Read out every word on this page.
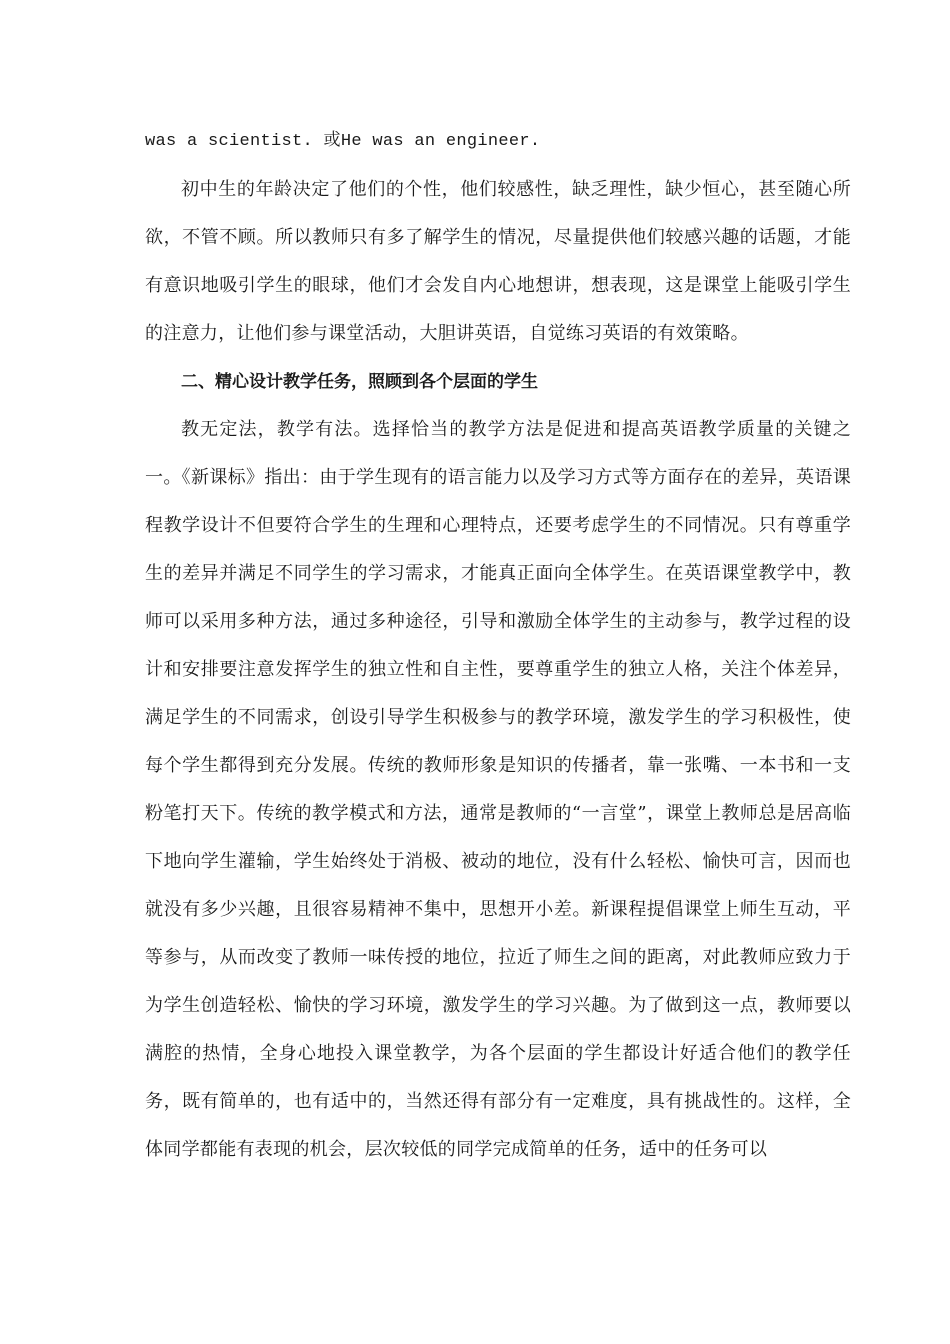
was a scientist. 或He was an engineer.

初中生的年龄决定了他们的个性，他们较感性，缺乏理性，缺少恒心，甚至随心所欲，不管不顾。所以教师只有多了解学生的情况，尽量提供他们较感兴趣的话题，才能有意识地吸引学生的眼球，他们才会发自内心地想讲，想表现，这是课堂上能吸引学生的注意力，让他们参与课堂活动，大胆讲英语，自觉练习英语的有效策略。

二、精心设计教学任务，照顾到各个层面的学生

教无定法，教学有法。选择恰当的教学方法是促进和提高英语教学质量的关键之一。《新课标》指出：由于学生现有的语言能力以及学习方式等方面存在的差异，英语课程教学设计不但要符合学生的生理和心理特点，还要考虑学生的不同情况。只有尊重学生的差异并满足不同学生的学习需求，才能真正面向全体学生。在英语课堂教学中，教师可以采用多种方法，通过多种途径，引导和激励全体学生的主动参与，教学过程的设计和安排要注意发挥学生的独立性和自主性，要尊重学生的独立人格，关注个体差异，满足学生的不同需求，创设引导学生积极参与的教学环境，激发学生的学习积极性，使每个学生都得到充分发展。传统的教师形象是知识的传播者，靠一张嘴、一本书和一支粉笔打天下。传统的教学模式和方法，通常是教师的“一言堂”，课堂上教师总是居高临下地向学生灌输，学生始终处于消极、被动的地位，没有什么轻松、愉快可言，因而也就没有多少兴趣，且很容易精神不集中，思想开小差。新课程提倡课堂上师生互动，平等参与，从而改变了教师一味传授的地位，拉近了师生之间的距离，对此教师应致力于为学生创造轻松、愉快的学习环境，激发学生的学习兴趣。为了做到这一点，教师要以满腔的热情，全身心地投入课堂教学，为各个层面的学生都设计好适合他们的教学任务，既有简单的，也有适中的，当然还得有部分有一定难度，具有挑战性的。这样，全体同学都能有表现的机会，层次较低的同学完成简单的任务，适中的任务可以
